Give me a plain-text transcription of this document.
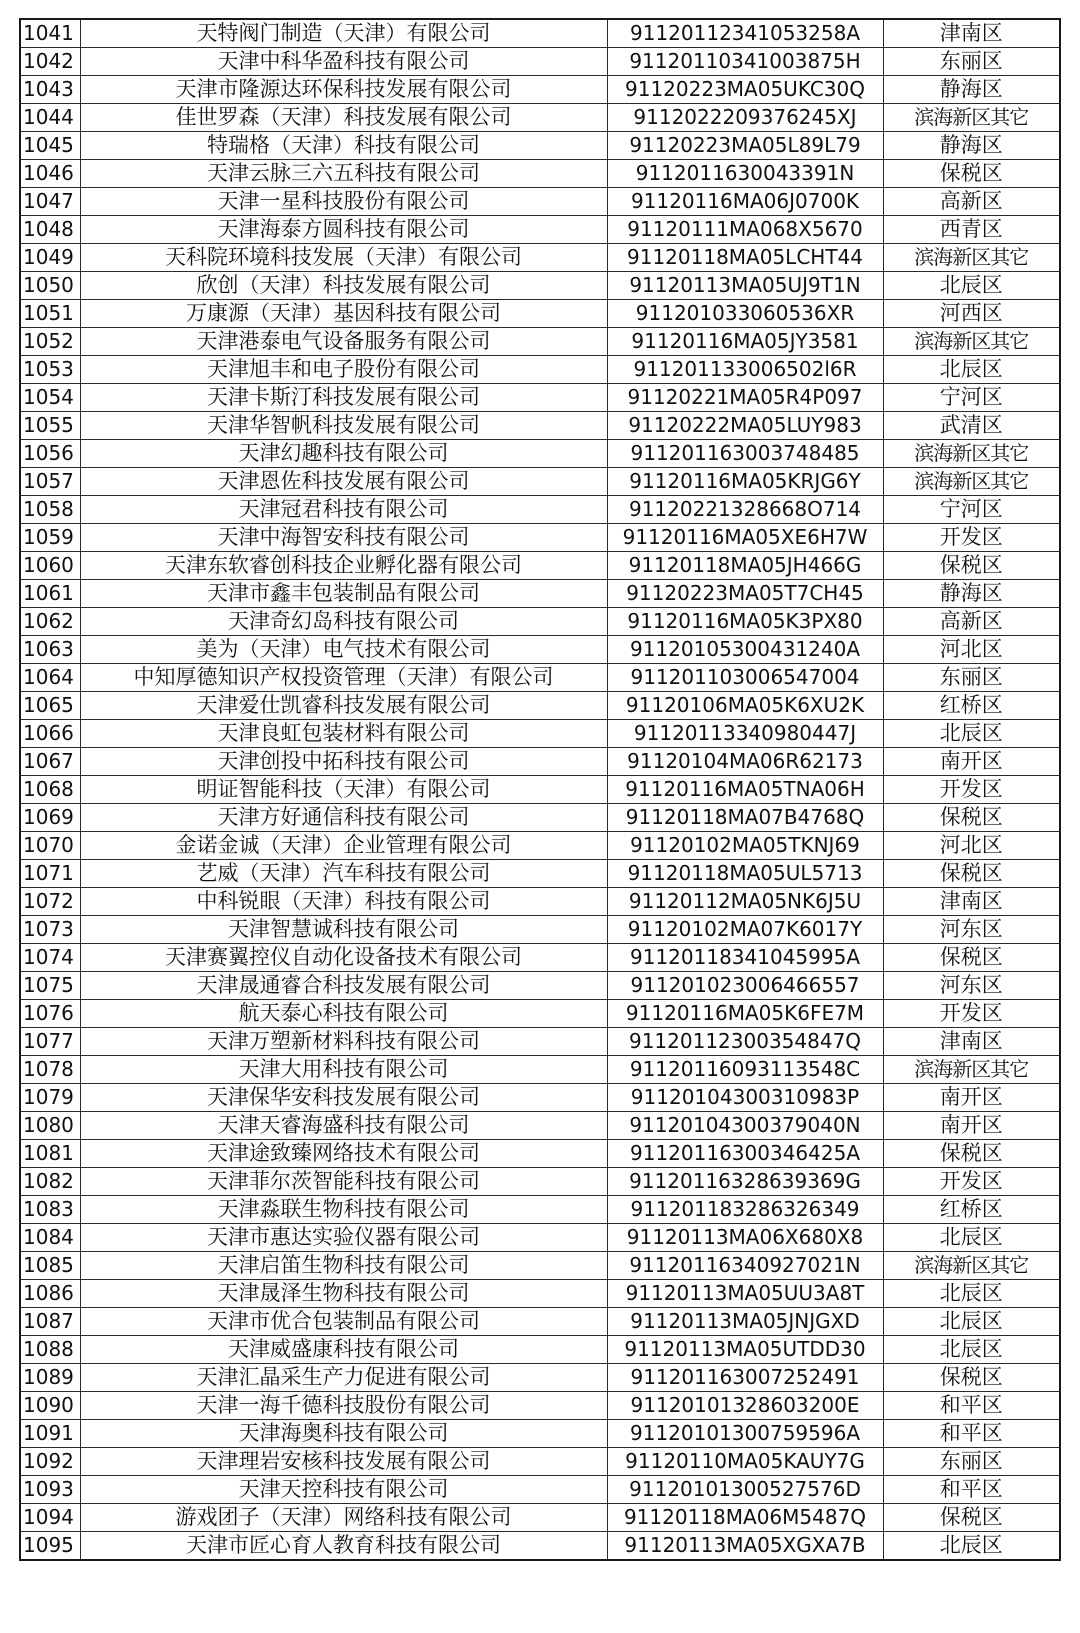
1041	天特阀门制造（天津）有限公司	91120112341053258A	津南区
1042	天津中科华盈科技有限公司	91120110341003875H	东丽区
1043	天津市隆源达环保科技发展有限公司	91120223MA05UKC30Q	静海区
1044	佳世罗森（天津）科技发展有限公司	9112022209376245XJ	滨海新区其它
1045	特瑞格（天津）科技有限公司	91120223MA05L89L79	静海区
1046	天津云脉三六五科技有限公司	9112011630043391N	保税区
1047	天津一星科技股份有限公司	91120116MA06J0700K	高新区
1048	天津海泰方圆科技有限公司	91120111MA068X5670	西青区
1049	天科院环境科技发展（天津）有限公司	91120118MA05LCHT44	滨海新区其它
1050	欣创（天津）科技发展有限公司	91120113MA05UJ9T1N	北辰区
1051	万康源（天津）基因科技有限公司	911201033060536XR	河西区
1052	天津港泰电气设备服务有限公司	91120116MA05JY3581	滨海新区其它
1053	天津旭丰和电子股份有限公司	911201133006502l6R	北辰区
1054	天津卡斯汀科技发展有限公司	91120221MA05R4P097	宁河区
1055	天津华智帆科技发展有限公司	91120222MA05LUY983	武清区
1056	天津幻趣科技有限公司	911201163003748485	滨海新区其它
1057	天津恩佐科技发展有限公司	91120116MA05KRJG6Y	滨海新区其它
1058	天津冠君科技有限公司	91120221328668O714	宁河区
1059	天津中海智安科技有限公司	91120116MA05XE6H7W	开发区
1060	天津东软睿创科技企业孵化器有限公司	91120118MA05JH466G	保税区
1061	天津市鑫丰包装制品有限公司	91120223MA05T7CH45	静海区
1062	天津奇幻岛科技有限公司	91120116MA05K3PX80	高新区
1063	美为（天津）电气技术有限公司	91120105300431240A	河北区
1064	中知厚德知识产权投资管理（天津）有限公司	911201103006547004	东丽区
1065	天津爱仕凯睿科技发展有限公司	91120106MA05K6XU2K	红桥区
1066	天津良虹包装材料有限公司	91120113340980447J	北辰区
1067	天津创投中拓科技有限公司	91120104MA06R62173	南开区
1068	明证智能科技（天津）有限公司	91120116MA05TNA06H	开发区
1069	天津方好通信科技有限公司	91120118MA07B4768Q	保税区
1070	金诺金诚（天津）企业管理有限公司	91120102MA05TKNJ69	河北区
1071	艺威（天津）汽车科技有限公司	91120118MA05UL5713	保税区
1072	中科锐眼（天津）科技有限公司	91120112MA05NK6J5U	津南区
1073	天津智慧诚科技有限公司	91120102MA07K6017Y	河东区
1074	天津赛翼控仪自动化设备技术有限公司	91120118341045995A	保税区
1075	天津晟通睿合科技发展有限公司	911201023006466557	河东区
1076	航天泰心科技有限公司	91120116MA05K6FE7M	开发区
1077	天津万塑新材料科技有限公司	91120112300354847Q	津南区
1078	天津大用科技有限公司	91120116093113548C	滨海新区其它
1079	天津保华安科技发展有限公司	91120104300310983P	南开区
1080	天津天睿海盛科技有限公司	91120104300379040N	南开区
1081	天津途致臻网络技术有限公司	91120116300346425A	保税区
1082	天津菲尔茨智能科技有限公司	91120116328639369G	开发区
1083	天津淼联生物科技有限公司	911201183286326349	红桥区
1084	天津市惠达实验仪器有限公司	91120113MA06X680X8	北辰区
1085	天津启笛生物科技有限公司	91120116340927021N	滨海新区其它
1086	天津晟泽生物科技有限公司	91120113MA05UU3A8T	北辰区
1087	天津市优合包装制品有限公司	91120113MA05JNJGXD	北辰区
1088	天津威盛康科技有限公司	91120113MA05UTDD30	北辰区
1089	天津汇晶采生产力促进有限公司	911201163007252491	保税区
1090	天津一海千德科技股份有限公司	91120101328603200E	和平区
1091	天津海奥科技有限公司	91120101300759596A	和平区
1092	天津理岩安核科技发展有限公司	91120110MA05KAUY7G	东丽区
1093	天津天控科技有限公司	91120101300527576D	和平区
1094	游戏团子（天津）网络科技有限公司	91120118MA06M5487Q	保税区
1095	天津市匠心育人教育科技有限公司	91120113MA05XGXA7B	北辰区
